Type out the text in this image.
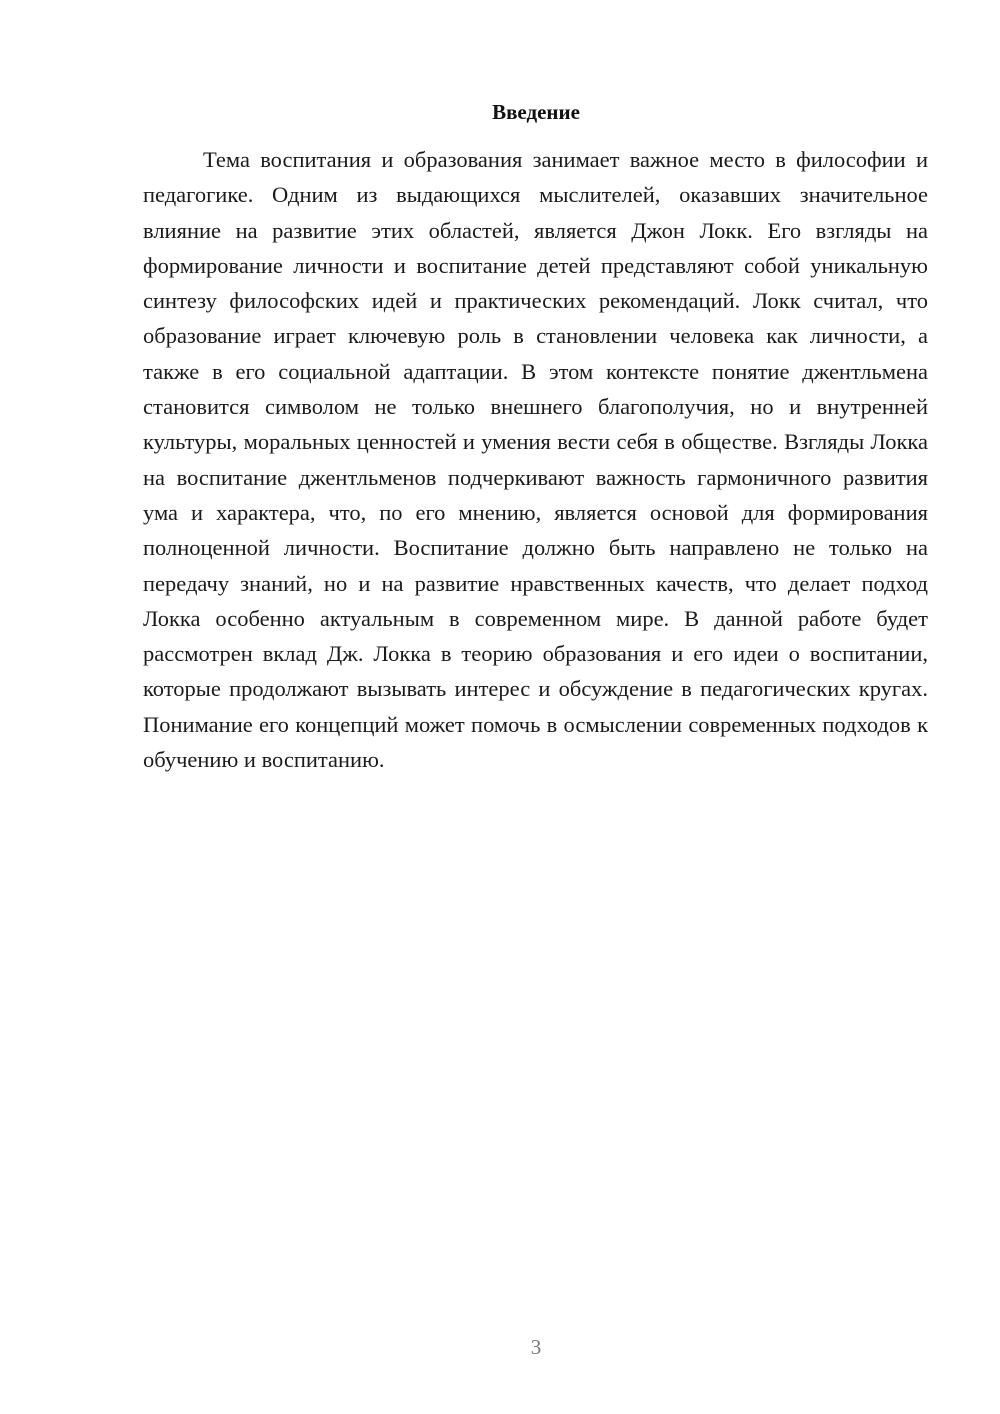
Введение

Тема воспитания и образования занимает важное место в философии и педагогике. Одним из выдающихся мыслителей, оказавших значительное влияние на развитие этих областей, является Джон Локк. Его взгляды на формирование личности и воспитание детей представляют собой уникальную синтезу философских идей и практических рекомендаций. Локк считал, что образование играет ключевую роль в становлении человека как личности, а также в его социальной адаптации. В этом контексте понятие джентльмена становится символом не только внешнего благополучия, но и внутренней культуры, моральных ценностей и умения вести себя в обществе. Взгляды Локка на воспитание джентльменов подчеркивают важность гармоничного развития ума и характера, что, по его мнению, является основой для формирования полноценной личности. Воспитание должно быть направлено не только на передачу знаний, но и на развитие нравственных качеств, что делает подход Локка особенно актуальным в современном мире. В данной работе будет рассмотрен вклад Дж. Локка в теорию образования и его идеи о воспитании, которые продолжают вызывать интерес и обсуждение в педагогических кругах. Понимание его концепций может помочь в осмыслении современных подходов к обучению и воспитанию.

3
